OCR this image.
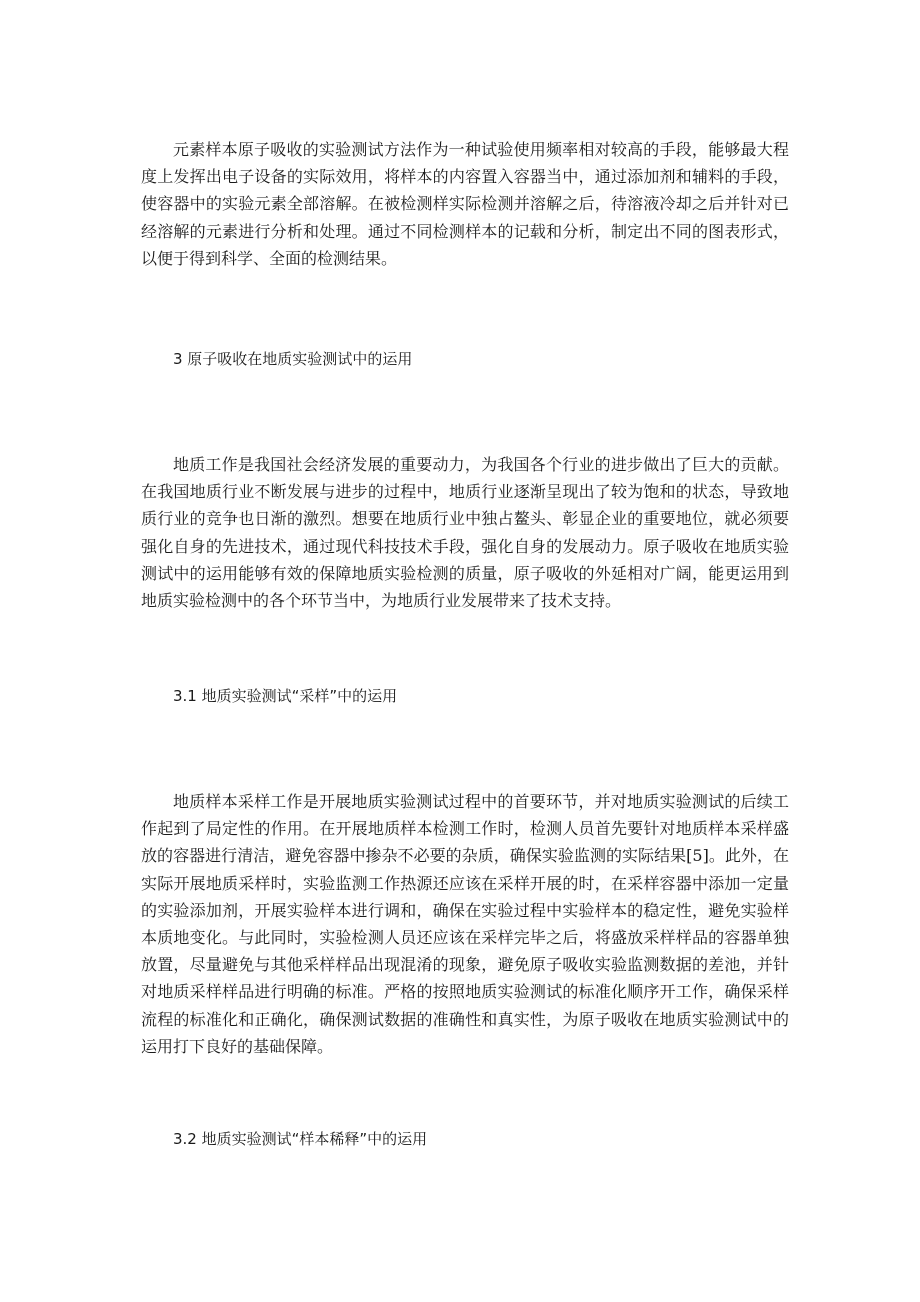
元素样本原子吸收的实验测试方法作为一种试验使用频率相对较高的手段，能够最大程度上发挥出电子设备的实际效用，将样本的内容置入容器当中，通过添加剂和辅料的手段，使容器中的实验元素全部溶解。在被检测样实际检测并溶解之后，待溶液冷却之后并针对已经溶解的元素进行分析和处理。通过不同检测样本的记载和分析，制定出不同的图表形式，以便于得到科学、全面的检测结果。

3 原子吸收在地质实验测试中的运用

地质工作是我国社会经济发展的重要动力，为我国各个行业的进步做出了巨大的贡献。在我国地质行业不断发展与进步的过程中，地质行业逐渐呈现出了较为饱和的状态，导致地质行业的竞争也日渐的激烈。想要在地质行业中独占鳌头、彰显企业的重要地位，就必须要强化自身的先进技术，通过现代科技技术手段，强化自身的发展动力。原子吸收在地质实验测试中的运用能够有效的保障地质实验检测的质量，原子吸收的外延相对广阔，能更运用到地质实验检测中的各个环节当中，为地质行业发展带来了技术支持。

3.1 地质实验测试“采样”中的运用

地质样本采样工作是开展地质实验测试过程中的首要环节，并对地质实验测试的后续工作起到了局定性的作用。在开展地质样本检测工作时，检测人员首先要针对地质样本采样盛放的容器进行清洁，避免容器中掺杂不必要的杂质，确保实验监测的实际结果[5]。此外，在实际开展地质采样时，实验监测工作热源还应该在采样开展的时，在采样容器中添加一定量的实验添加剂，开展实验样本进行调和，确保在实验过程中实验样本的稳定性，避免实验样本质地变化。与此同时，实验检测人员还应该在采样完毕之后，将盛放采样样品的容器单独放置，尽量避免与其他采样样品出现混淆的现象，避免原子吸收实验监测数据的差池，并针对地质采样样品进行明确的标准。严格的按照地质实验测试的标准化顺序开工作，确保采样流程的标准化和正确化，确保测试数据的准确性和真实性，为原子吸收在地质实验测试中的运用打下良好的基础保障。

3.2 地质实验测试“样本稀释”中的运用
